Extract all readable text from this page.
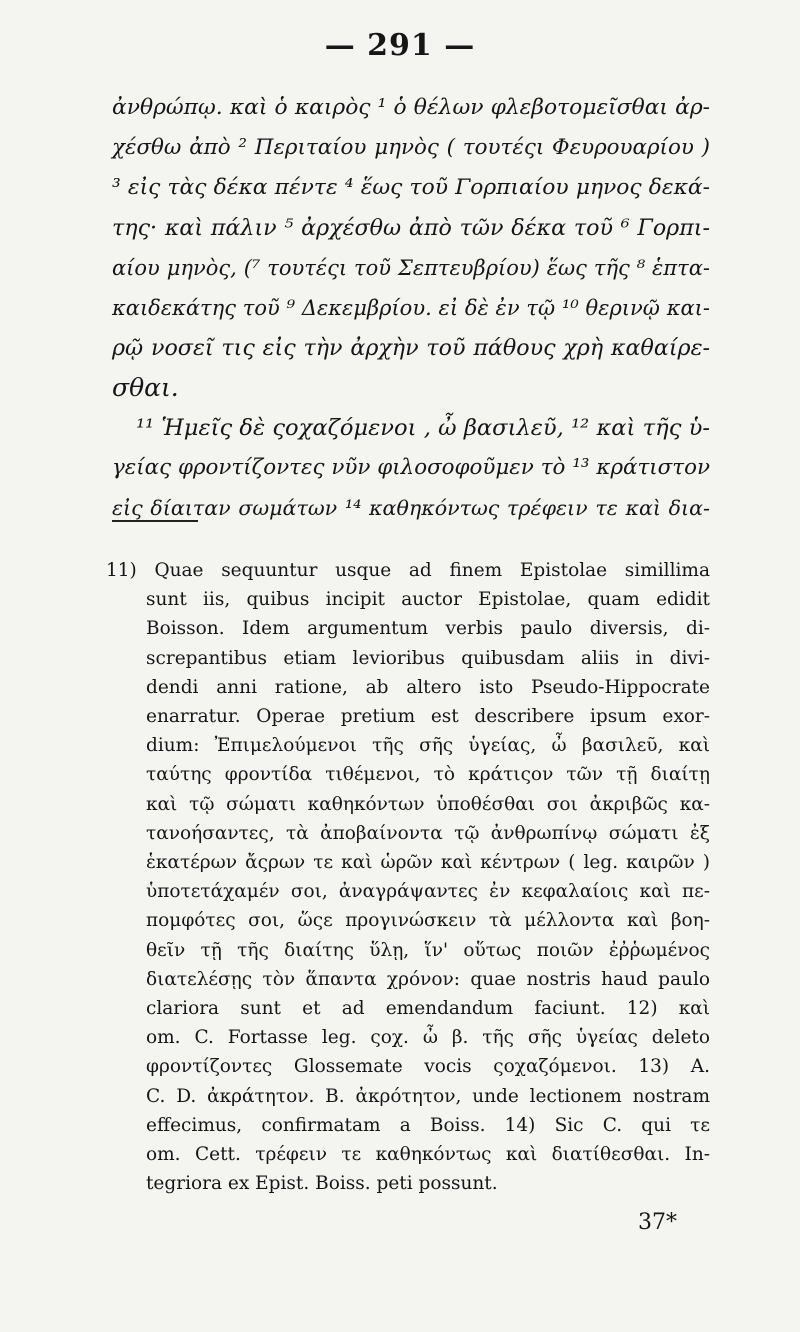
— 291 —
ἀνθρώπῳ. καὶ ὁ καιρὸς ¹ ὁ θέλων φλεβοτομεῖσθαι ἀρ-
χέσθω ἀπὸ ² Περιταίου μηνὸς ( τουτέςι Φευρουαρίου )
³ εἰς τὰς δέκα πέντε ⁴ ἕως τοῦ Γορπιαίου μηνος δεκά-
της· καὶ πάλιν ⁵ ἀρχέσθω ἀπὸ τῶν δέκα τοῦ ⁶ Γορπι-
αίου μηνὸς, (⁷ τουτέςι τοῦ Σεπτευβρίου) ἕως τῆς ⁸ ἑπτα-
καιδεκάτης τοῦ ⁹ Δεκεμβρίου. εἰ δὲ ἐν τῷ ¹⁰ θερινῷ και-
ρῷ νοσεῖ τις εἰς τὴν ἀρχὴν τοῦ πάθους χρὴ καθαίρε-
σθαι.
¹¹ Ἡμεῖς δὲ ςοχαζόμενοι , ὦ βασιλεῦ, ¹² καὶ τῆς ὑ-
γείας φροντίζοντες νῦν φιλοσοφοῦμεν τὸ ¹³ κράτιστον
εἰς δίαιταν σωμάτων ¹⁴ καθηκόντως τρέφειν τε καὶ δια-
11) Quae sequuntur usque ad finem Epistolae simillima
sunt iis, quibus incipit auctor Epistolae, quam edidit
Boisson. Idem argumentum verbis paulo diversis, di-
screpantibus etiam levioribus quibusdam aliis in divi-
dendi anni ratione, ab altero isto Pseudo-Hippocrate
enarratur. Operae pretium est describere ipsum exor-
dium: Ἐπιμελούμενοι τῆς σῆς ὑγείας, ὦ βασιλεῦ, καὶ
ταύτης φροντίδα τιθέμενοι, τὸ κράτιςον τῶν τῇ διαίτῃ
καὶ τῷ σώματι καθηκόντων ὑποθέσθαι σοι ἀκριβῶς κα-
τανοήσαντες, τὰ ἀποβαίνοντα τῷ ἀνθρωπίνῳ σώματι ἐξ
ἑκατέρων ἄςρων τε καὶ ὡρῶν καὶ κέντρων ( leg. καιρῶν )
ὑποτετάχαμέν σοι, ἀναγράψαντες ἐν κεφαλαίοις καὶ πε-
πομφότες σοι, ὥςε προγινώσκειν τὰ μέλλοντα καὶ βοη-
θεῖν τῇ τῆς διαίτης ὕλῃ, ἵν' οὕτως ποιῶν ἐῤῥωμένος
διατελέσῃς τὸν ἅπαντα χρόνον: quae nostris haud paulo
clariora sunt et ad emendandum faciunt. 12) καὶ
om. C. Fortasse leg. ςοχ. ὦ β. τῆς σῆς ὑγείας deleto
φροντίζοντες Glossemate vocis ςοχαζόμενοι. 13) A.
C. D. ἀκράτητον. B. ἀκρότητον, unde lectionem nostram
effecimus, confirmatam a Boiss. 14) Sic C. qui τε
om. Cett. τρέφειν τε καθηκόντως καὶ διατίθεσθαι. In-
tegriora ex Epist. Boiss. peti possunt.
37*
